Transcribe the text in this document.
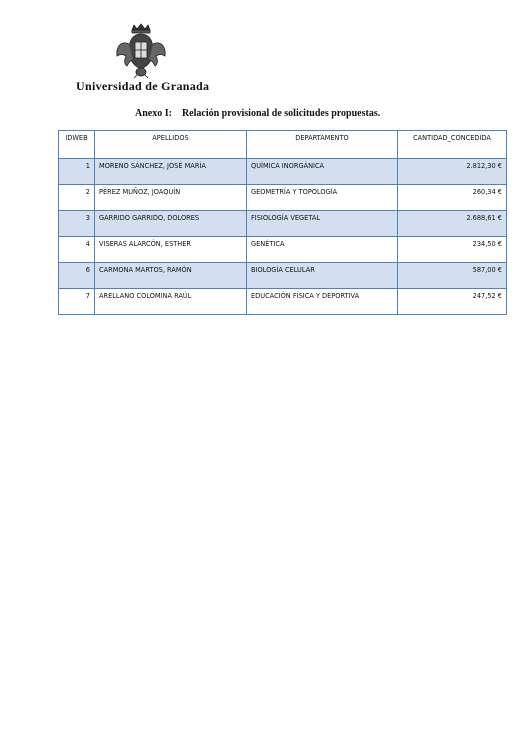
Universidad de Granada
Anexo I: Relación provisional de solicitudes propuestas.
IDWEB	APELLIDOS	DEPARTAMENTO	CANTIDAD_CONCEDIDA
1	MORENO SÁNCHEZ, JOSÉ MARÍA	QUÍMICA INORGÁNICA	2.812,30 €
2	PÉREZ MUÑOZ, JOAQUÍN	GEOMETRÍA Y TOPOLOGÍA	260,34 €
3	GARRIDO GARRIDO, DOLORES	FISIOLOGÍA VEGETAL	2.688,61 €
4	VISERAS ALARCÓN, ESTHER	GENÉTICA	234,50 €
6	CARMONA MARTOS, RAMÓN	BIOLOGÍA CELULAR	587,00 €
7	ARELLANO COLOMINA RAÚL	EDUCACIÓN FÍSICA Y DEPORTIVA	247,52 €
